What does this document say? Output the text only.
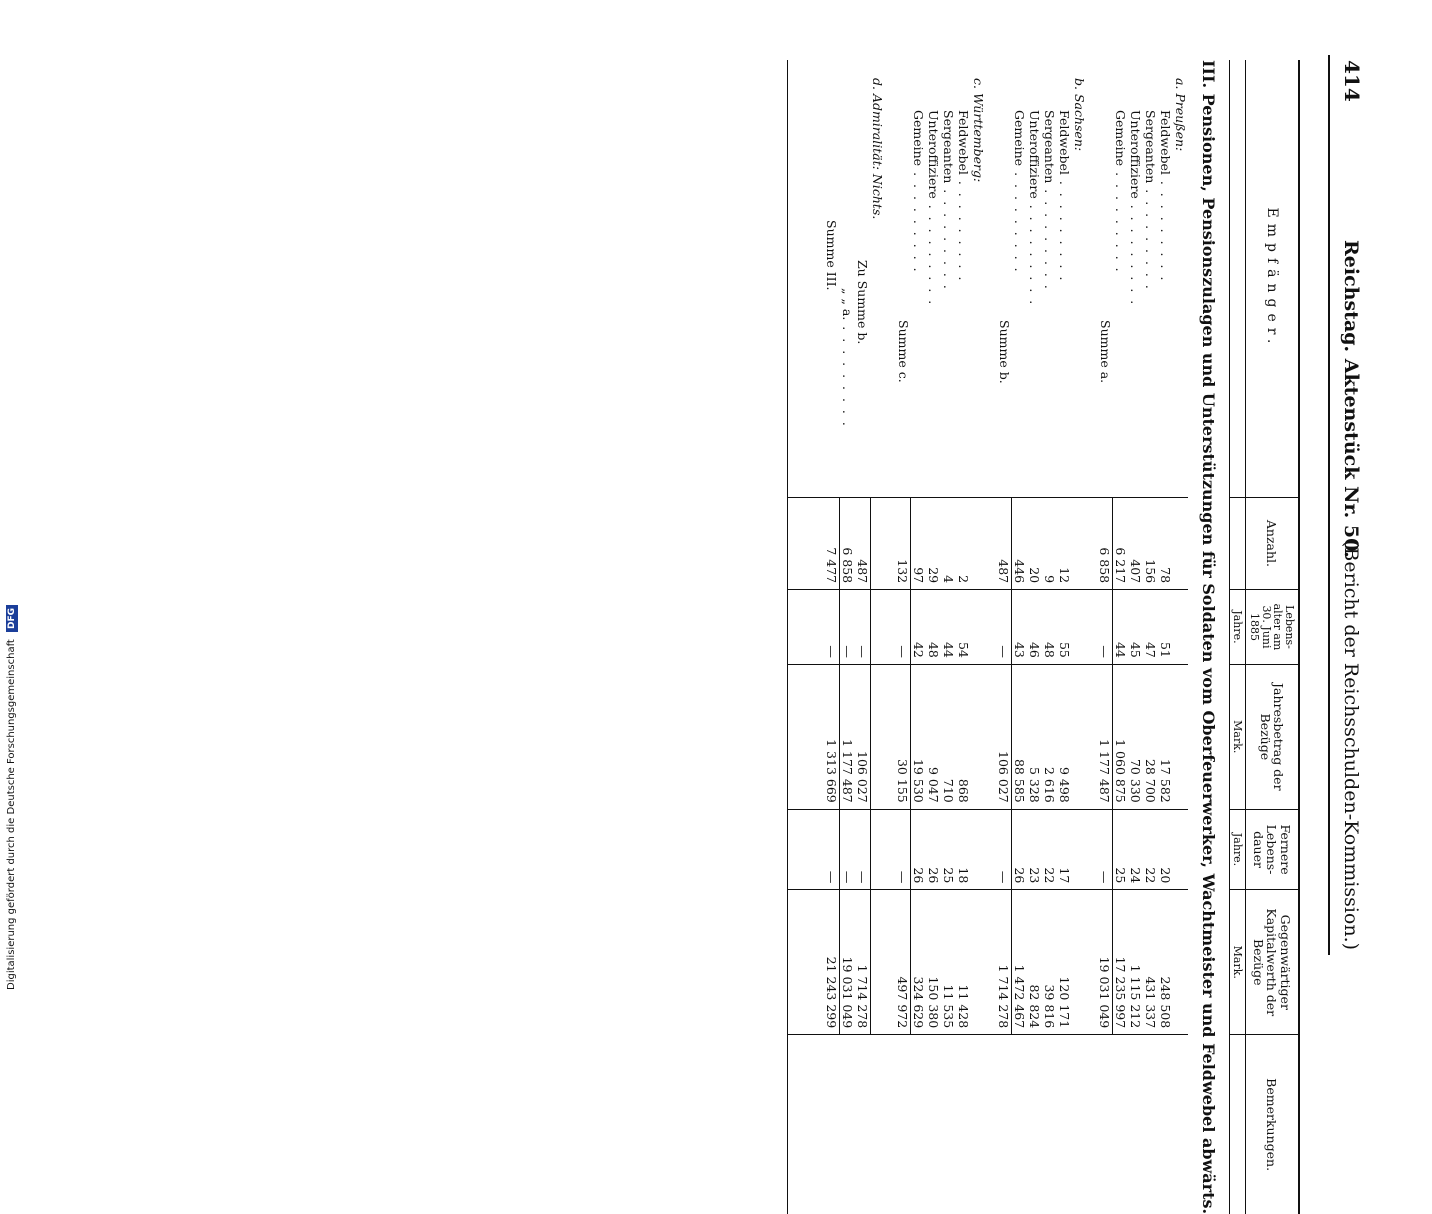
414
Reichstag. Aktenstück Nr. 50.
(Bericht der Reichsschulden-Kommission.)
Empfänger.	Anzahl.	Lebens-alter am 30. Juni 1885	Jahresbetrag der Bezüge	Fernere Lebens-dauer	Gegenwärtiger Kapitalwerth der Bezüge	Bemerkungen.
		Jahre.	Mark.	Jahre.	Mark.	
III. Pensionen, Pensionszulagen und Unterstützungen für Soldaten vom Oberfeuerwerker, Wachtmeister und Feldwebel abwärts.						
a. Preußen:						
Feldwebel . . .	78	51	17 582	20	248 508	
Sergeanten . . .	156	47	28 700	22	431 337	
Unteroffiziere . . .	407	45	70 330	24	1 115 212	
Gemeine . . .	6 217	44	1 060 875	25	17 235 997	
Summe a.	6 858	—	1 177 487	—	19 031 049	

b. Sachsen:						
Feldwebel . . .	12	55	9 498	17	120 171	
Sergeanten . . .	9	48	2 616	22	39 816	
Unteroffiziere . . .	20	46	5 328	23	82 824	
Gemeine . . .	446	43	88 585	26	1 472 467	
Summe b.	487	—	106 027	—	1 714 278	

c. Württemberg:						
Feldwebel . . .	2	54	868	18	11 428	
Sergeanten . . .	4	44	710	25	11 535	
Unteroffiziere . . .	29	48	9 047	26	150 380	
Gemeine . . .	97	42	19 530	26	324 629	
Summe c.	132	—	30 155	—	497 972	

d. Admiralität: Nichts.						
Zu Summe b.	487	—	106 027	—	1 714 278	
„ „ a. . . .	6 858	—	1 177 487	—	19 031 049	
Summe III.	7 477	—	1 313 669	—	21 243 299	

Digitalisierung gefördert durch die Deutsche Forschungsgemeinschaft DFG
